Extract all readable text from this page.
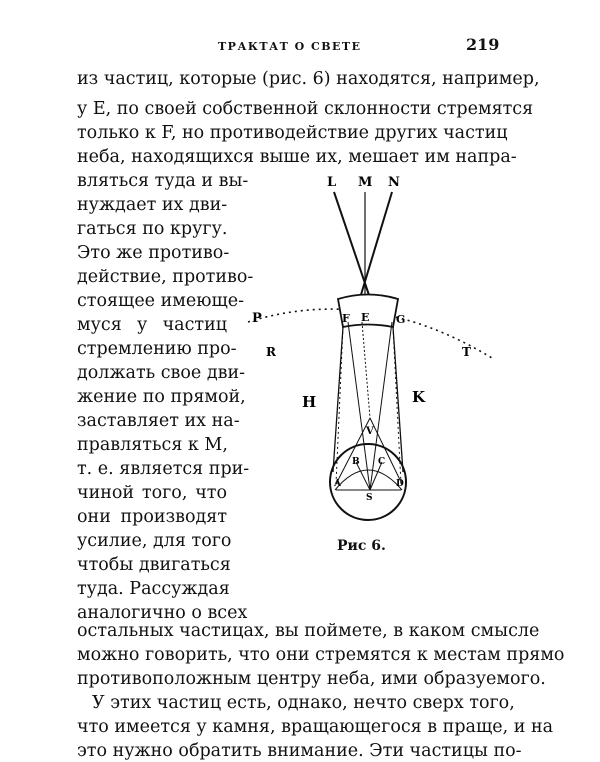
ТРАКТАТ О СВЕТЕ	219
из частиц, которые (рис. 6) находятся, например,
у E, по своей собственной склонности стремятся
только к F, но противодействие других частиц
неба, находящихся выше их, мешает им напра-
вляться туда и вы-
нуждает их дви-
гаться по кругу.
Это же противо-
действие, противо-
стоящее имеющe-
муся у частиц
стремлению про-
должать свое дви-
жение по прямой,
заставляет их на-
правляться к M,
т. е. является при-
чиной того, что
они производят
усилие, для того
чтобы двигаться
туда. Рассуждая
аналогично о всех
остальных частицах, вы поймете, в каком смысле
можно говорить, что они стремятся к местам прямо
противоположным центру неба, ими образуемого.
У этих частиц есть, однако, нечто сверх того,
что имеется у камня, вращающегося в праще, и на
это нужно обратить внимание. Эти частицы по-
L M N
P	F E G
R	T
H	K
V
B C
A	D
S
Рис 6.
